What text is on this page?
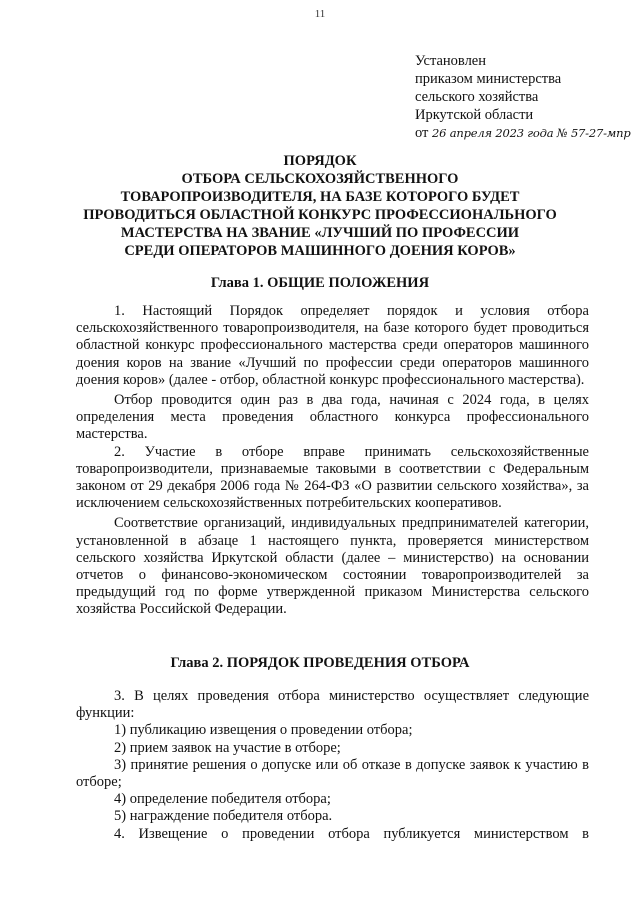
11
Установлен
приказом министерства
сельского хозяйства
Иркутской области
от 26 апреля 2023 года № 57-27-мпр
ПОРЯДОК
ОТБОРА СЕЛЬСКОХОЗЯЙСТВЕННОГО
ТОВАРОПРОИЗВОДИТЕЛЯ, НА БАЗЕ КОТОРОГО БУДЕТ
ПРОВОДИТЬСЯ ОБЛАСТНОЙ КОНКУРС ПРОФЕССИОНАЛЬНОГО
МАСТЕРСТВА НА ЗВАНИЕ «ЛУЧШИЙ ПО ПРОФЕССИИ
СРЕДИ ОПЕРАТОРОВ МАШИННОГО ДОЕНИЯ КОРОВ»
Глава 1. ОБЩИЕ ПОЛОЖЕНИЯ

1. Настоящий Порядок определяет порядок и условия отбора сельскохозяйственного товаропроизводителя, на базе которого будет проводиться областной конкурс профессионального мастерства среди операторов машинного доения коров на звание «Лучший по профессии среди операторов машинного доения коров» (далее - отбор, областной конкурс профессионального мастерства).

Отбор проводится один раз в два года, начиная с 2024 года, в целях определения места проведения областного конкурса профессионального мастерства.

2. Участие в отборе вправе принимать сельскохозяйственные товаропроизводители, признаваемые таковыми в соответствии с Федеральным законом от 29 декабря 2006 года № 264-ФЗ «О развитии сельского хозяйства», за исключением сельскохозяйственных потребительских кооперативов.

Соответствие организаций, индивидуальных предпринимателей категории, установленной в абзаце 1 настоящего пункта, проверяется министерством сельского хозяйства Иркутской области (далее – министерство) на основании отчетов о финансово-экономическом состоянии товаропроизводителей за предыдущий год по форме утвержденной приказом Министерства сельского хозяйства Российской Федерации.

Глава 2. ПОРЯДОК ПРОВЕДЕНИЯ ОТБОРА

3. В целях проведения отбора министерство осуществляет следующие функции:

1) публикацию извещения о проведении отбора;

2) прием заявок на участие в отборе;

3) принятие решения о допуске или об отказе в допуске заявок к участию в отборе;

4) определение победителя отбора;

5) награждение победителя отбора.

4. Извещение о проведении отбора публикуется министерством в
